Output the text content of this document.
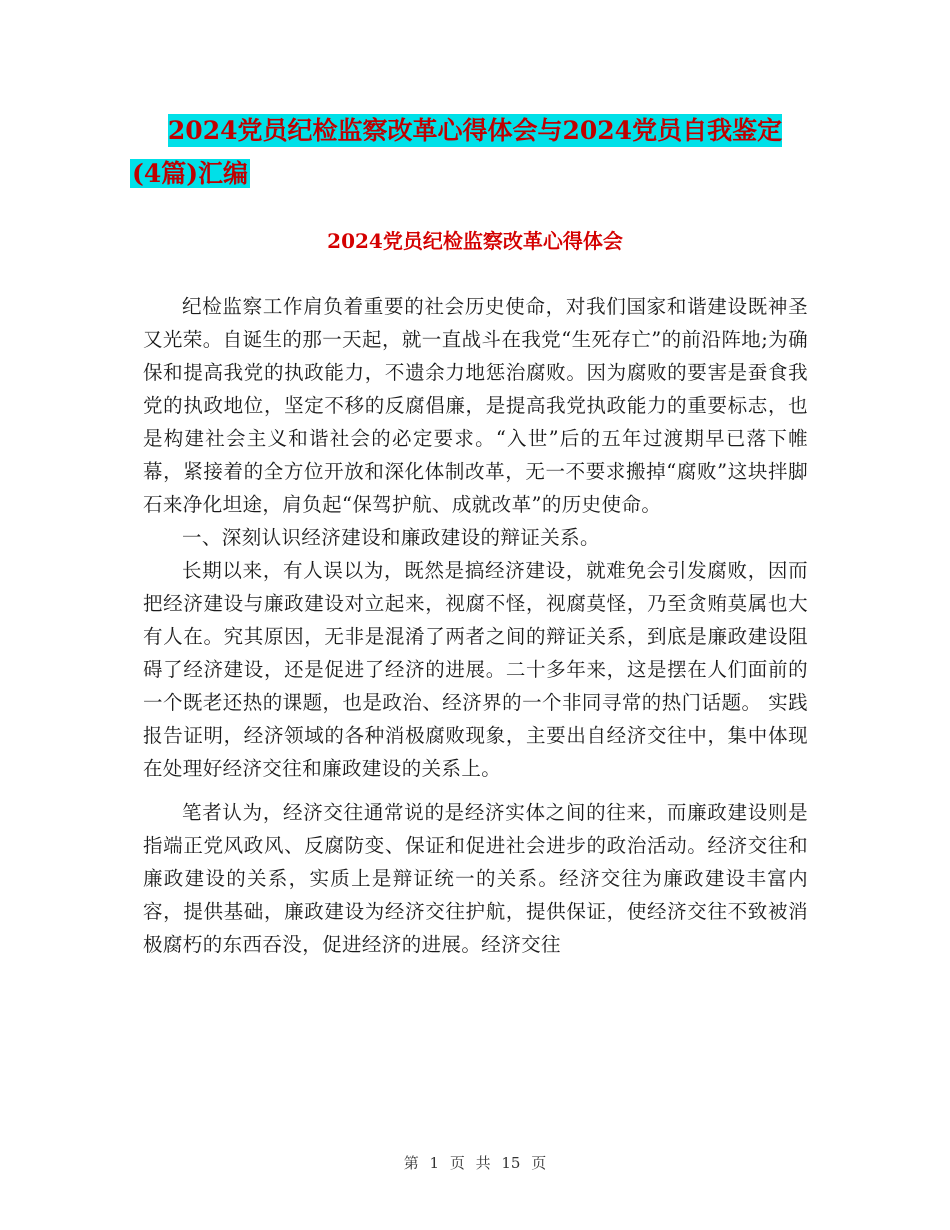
2024党员纪检监察改革心得体会与2024党员自我鉴定
(4篇)汇编
2024党员纪检监察改革心得体会

纪检监察工作肩负着重要的社会历史使命，对我们国家和谐建设既神圣又光荣。自诞生的那一天起，就一直战斗在我党“生死存亡”的前沿阵地;为确保和提高我党的执政能力，不遗余力地惩治腐败。因为腐败的要害是蚕食我党的执政地位，坚定不移的反腐倡廉，是提高我党执政能力的重要标志，也是构建社会主义和谐社会的必定要求。“入世”后的五年过渡期早已落下帷幕，紧接着的全方位开放和深化体制改革，无一不要求搬掉“腐败”这块拌脚石来净化坦途，肩负起“保驾护航、成就改革”的历史使命。

一、深刻认识经济建设和廉政建设的辩证关系。

长期以来，有人误以为，既然是搞经济建设，就难免会引发腐败，因而把经济建设与廉政建设对立起来，视腐不怪，视腐莫怪，乃至贪贿莫属也大有人在。究其原因，无非是混淆了两者之间的辩证关系，到底是廉政建设阻碍了经济建设，还是促进了经济的进展。二十多年来，这是摆在人们面前的一个既老还热的课题，也是政治、经济界的一个非同寻常的热门话题。 实践报告证明，经济领域的各种消极腐败现象，主要出自经济交往中，集中体现在处理好经济交往和廉政建设的关系上。

笔者认为，经济交往通常说的是经济实体之间的往来，而廉政建设则是指端正党风政风、反腐防变、保证和促进社会进步的政治活动。经济交往和廉政建设的关系，实质上是辩证统一的关系。经济交往为廉政建设丰富内容，提供基础，廉政建设为经济交往护航，提供保证，使经济交往不致被消极腐朽的东西吞没，促进经济的进展。经济交往

第 1 页 共 15 页
